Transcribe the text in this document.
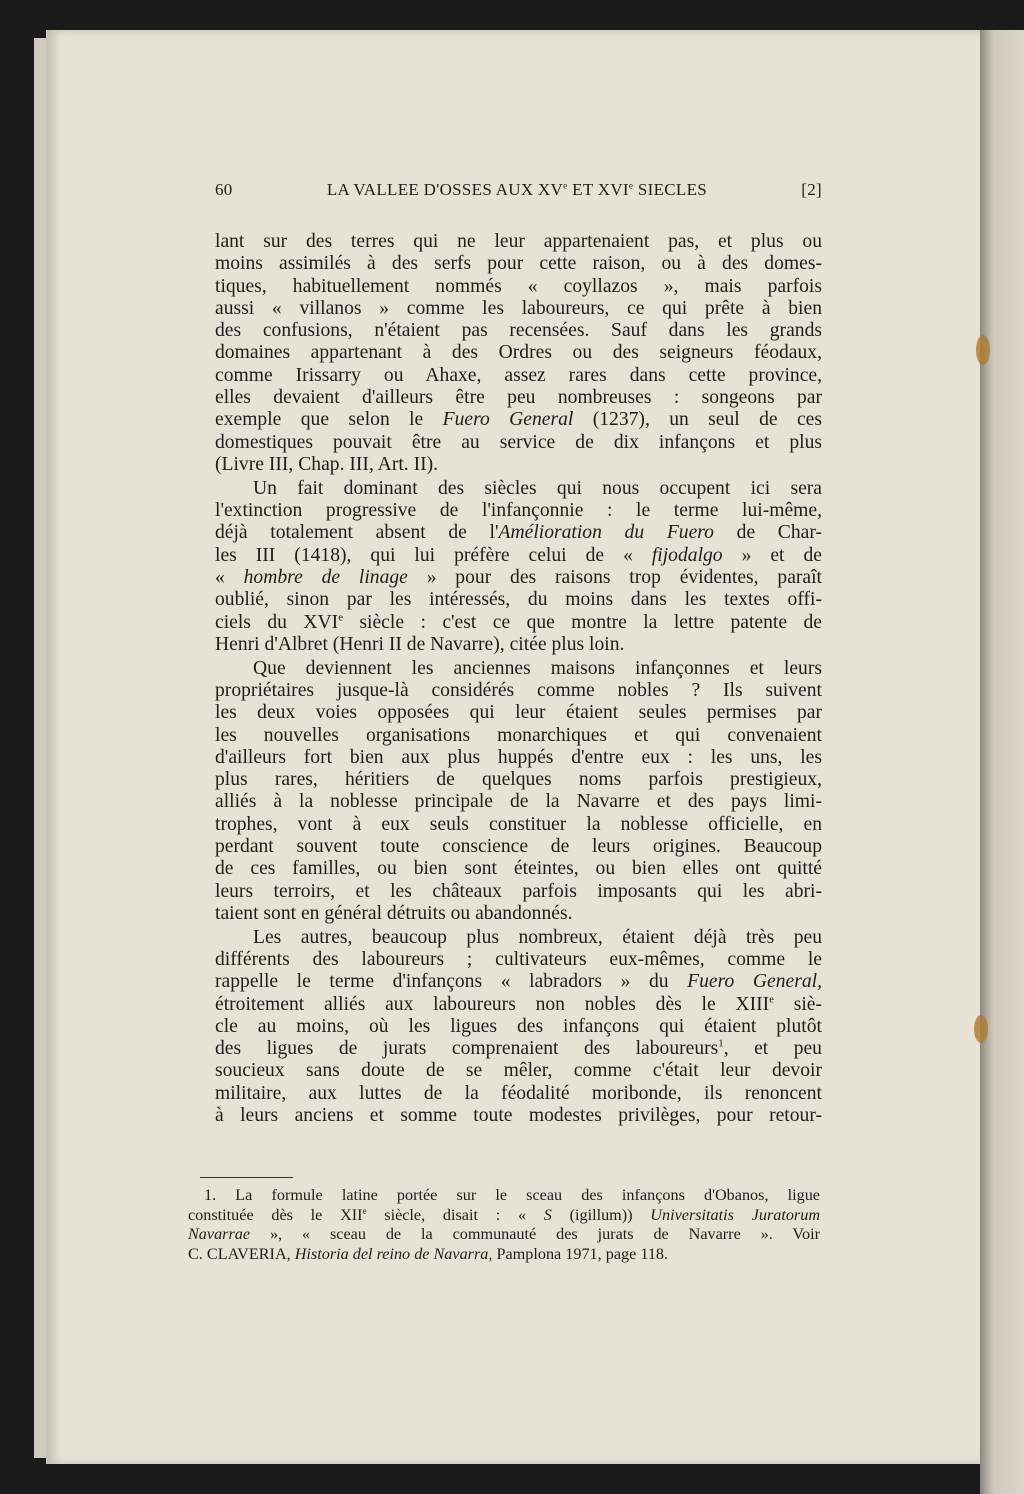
60	LA VALLEE D'OSSES AUX XVe ET XVIe SIECLES	[2]
lant sur des terres qui ne leur appartenaient pas, et plus ou
moins assimilés à des serfs pour cette raison, ou à des domes-
tiques, habituellement nommés « coyllazos », mais parfois
aussi « villanos » comme les laboureurs, ce qui prête à bien
des confusions, n'étaient pas recensées. Sauf dans les grands
domaines appartenant à des Ordres ou des seigneurs féodaux,
comme Irissarry ou Ahaxe, assez rares dans cette province,
elles devaient d'ailleurs être peu nombreuses : songeons par
exemple que selon le Fuero General (1237), un seul de ces
domestiques pouvait être au service de dix infançons et plus
(Livre III, Chap. III, Art. II).
Un fait dominant des siècles qui nous occupent ici sera
l'extinction progressive de l'infançonnie : le terme lui-même,
déjà totalement absent de l'Amélioration du Fuero de Char-
les III (1418), qui lui préfère celui de « fijodalgo » et de
« hombre de linage » pour des raisons trop évidentes, paraît
oublié, sinon par les intéressés, du moins dans les textes offi-
ciels du XVIe siècle : c'est ce que montre la lettre patente de
Henri d'Albret (Henri II de Navarre), citée plus loin.
Que deviennent les anciennes maisons infançonnes et leurs
propriétaires jusque-là considérés comme nobles ? Ils suivent
les deux voies opposées qui leur étaient seules permises par
les nouvelles organisations monarchiques et qui convenaient
d'ailleurs fort bien aux plus huppés d'entre eux : les uns, les
plus rares, héritiers de quelques noms parfois prestigieux,
alliés à la noblesse principale de la Navarre et des pays limi-
trophes, vont à eux seuls constituer la noblesse officielle, en
perdant souvent toute conscience de leurs origines. Beaucoup
de ces familles, ou bien sont éteintes, ou bien elles ont quitté
leurs terroirs, et les châteaux parfois imposants qui les abri-
taient sont en général détruits ou abandonnés.
Les autres, beaucoup plus nombreux, étaient déjà très peu
différents des laboureurs ; cultivateurs eux-mêmes, comme le
rappelle le terme d'infançons « labradors » du Fuero General,
étroitement alliés aux laboureurs non nobles dès le XIIIe siè-
cle au moins, où les ligues des infançons qui étaient plutôt
des ligues de jurats comprenaient des laboureurs$^1$, et peu
soucieux sans doute de se mêler, comme c'était leur devoir
militaire, aux luttes de la féodalité moribonde, ils renoncent
à leurs anciens et somme toute modestes privilèges, pour retour-
1. La formule latine portée sur le sceau des infançons d'Obanos, ligue
constituée dès le XIIe siècle, disait : « S (igillum)) Universitatis Juratorum
Navarrae », « sceau de la communauté des jurats de Navarre ». Voir
C. CLAVERIA, Historia del reino de Navarra, Pamplona 1971, page 118.
